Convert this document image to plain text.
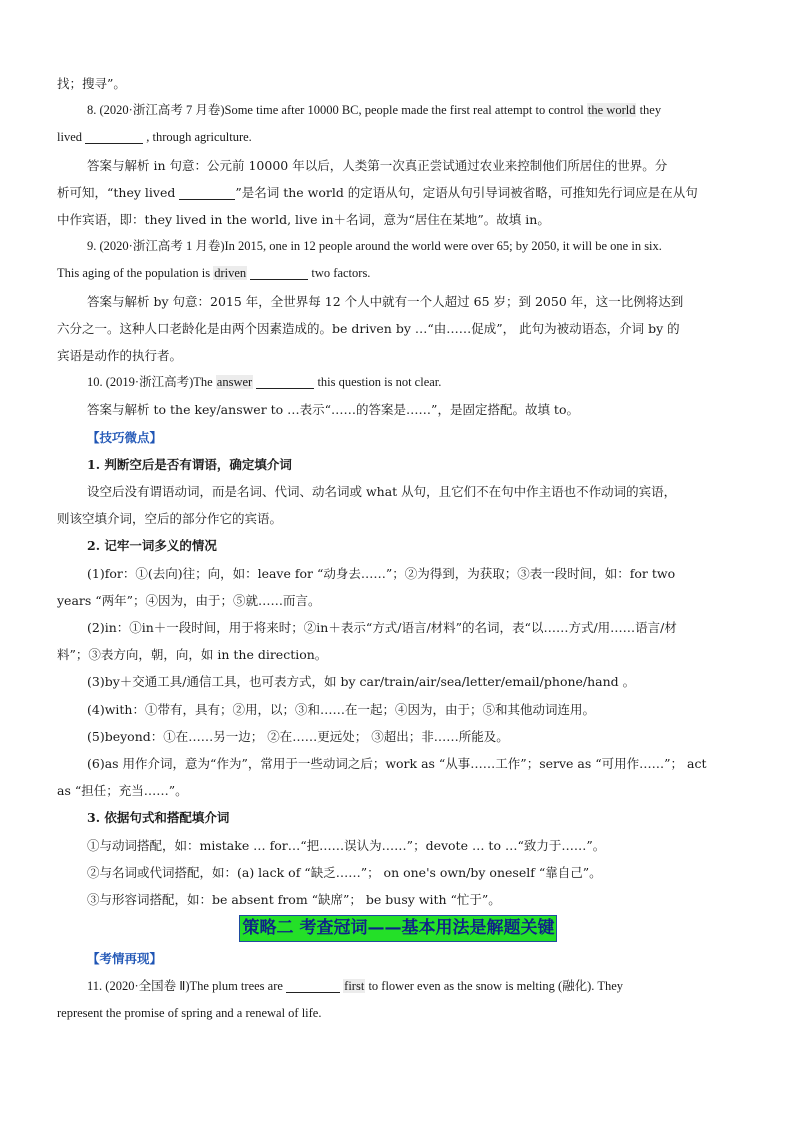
找；搜寻”。
8. (2020·浙江高考 7 月卷)Some time after 10000 BC, people made the first real attempt to control the world they
lived	, through agriculture.
答案与解析 in 句意：公元前 10000 年以后，人类第一次真正尝试通过农业来控制他们所居住的世界。分
析可知，“they lived	”是名词 the world 的定语从句，定语从句引导词被省略，可推知先行词应是在从句
中作宾语，即：they lived in the world, live in＋名词，意为“居住在某地”。故填 in。
9. (2020·浙江高考 1 月卷)In 2015, one in 12 people around the world were over 65; by 2050, it will be one in six.
This aging of the population is driven	two factors.
答案与解析 by 句意：2015 年，全世界每 12 个人中就有一个人超过 65 岁；到 2050 年，这一比例将达到
六分之一。这种人口老龄化是由两个因素造成的。be driven by …“由……促成”， 此句为被动语态，介词 by 的
宾语是动作的执行者。
10. (2019·浙江高考)The answer	this question is not clear.
答案与解析 to the key/answer to …表示“……的答案是……”，是固定搭配。故填 to。
【技巧微点】
1. 判断空后是否有谓语，确定填介词
设空后没有谓语动词，而是名词、代词、动名词或 what 从句，且它们不在句中作主语也不作动词的宾语，
则该空填介词，空后的部分作它的宾语。
2. 记牢一词多义的情况
(1)for：①(去向)往；向，如：leave for “动身去……”；②为得到，为获取；③表一段时间，如：for two
years “两年”；④因为，由于；⑤就……而言。
(2)in：①in＋一段时间，用于将来时；②in＋表示“方式/语言/材料”的名词，表“以……方式/用……语言/材
料”；③表方向，朝，向，如 in the direction。
(3)by＋交通工具/通信工具，也可表方式，如 by car/train/air/sea/letter/email/phone/hand 。
(4)with：①带有，具有；②用，以；③和……在一起；④因为，由于；⑤和其他动词连用。
(5)beyond：①在……另一边； ②在……更远处； ③超出；非……所能及。
(6)as 用作介词，意为“作为”，常用于一些动词之后；work as “从事……工作”；serve as “可用作……”； act
as “担任；充当……”。
3. 依据句式和搭配填介词
①与动词搭配，如：mistake … for…“把……误认为……”；devote … to …“致力于……”。
②与名词或代词搭配，如：(a) lack of “缺乏……”； on one's own/by oneself “靠自己”。
③与形容词搭配，如：be absent from “缺席”； be busy with “忙于”。
策略二 考查冠词——基本用法是解题关键
【考情再现】
11. (2020·全国卷 Ⅱ)The plum trees are	first to flower even as the snow is melting (融化). They
represent the promise of spring and a renewal of life.
